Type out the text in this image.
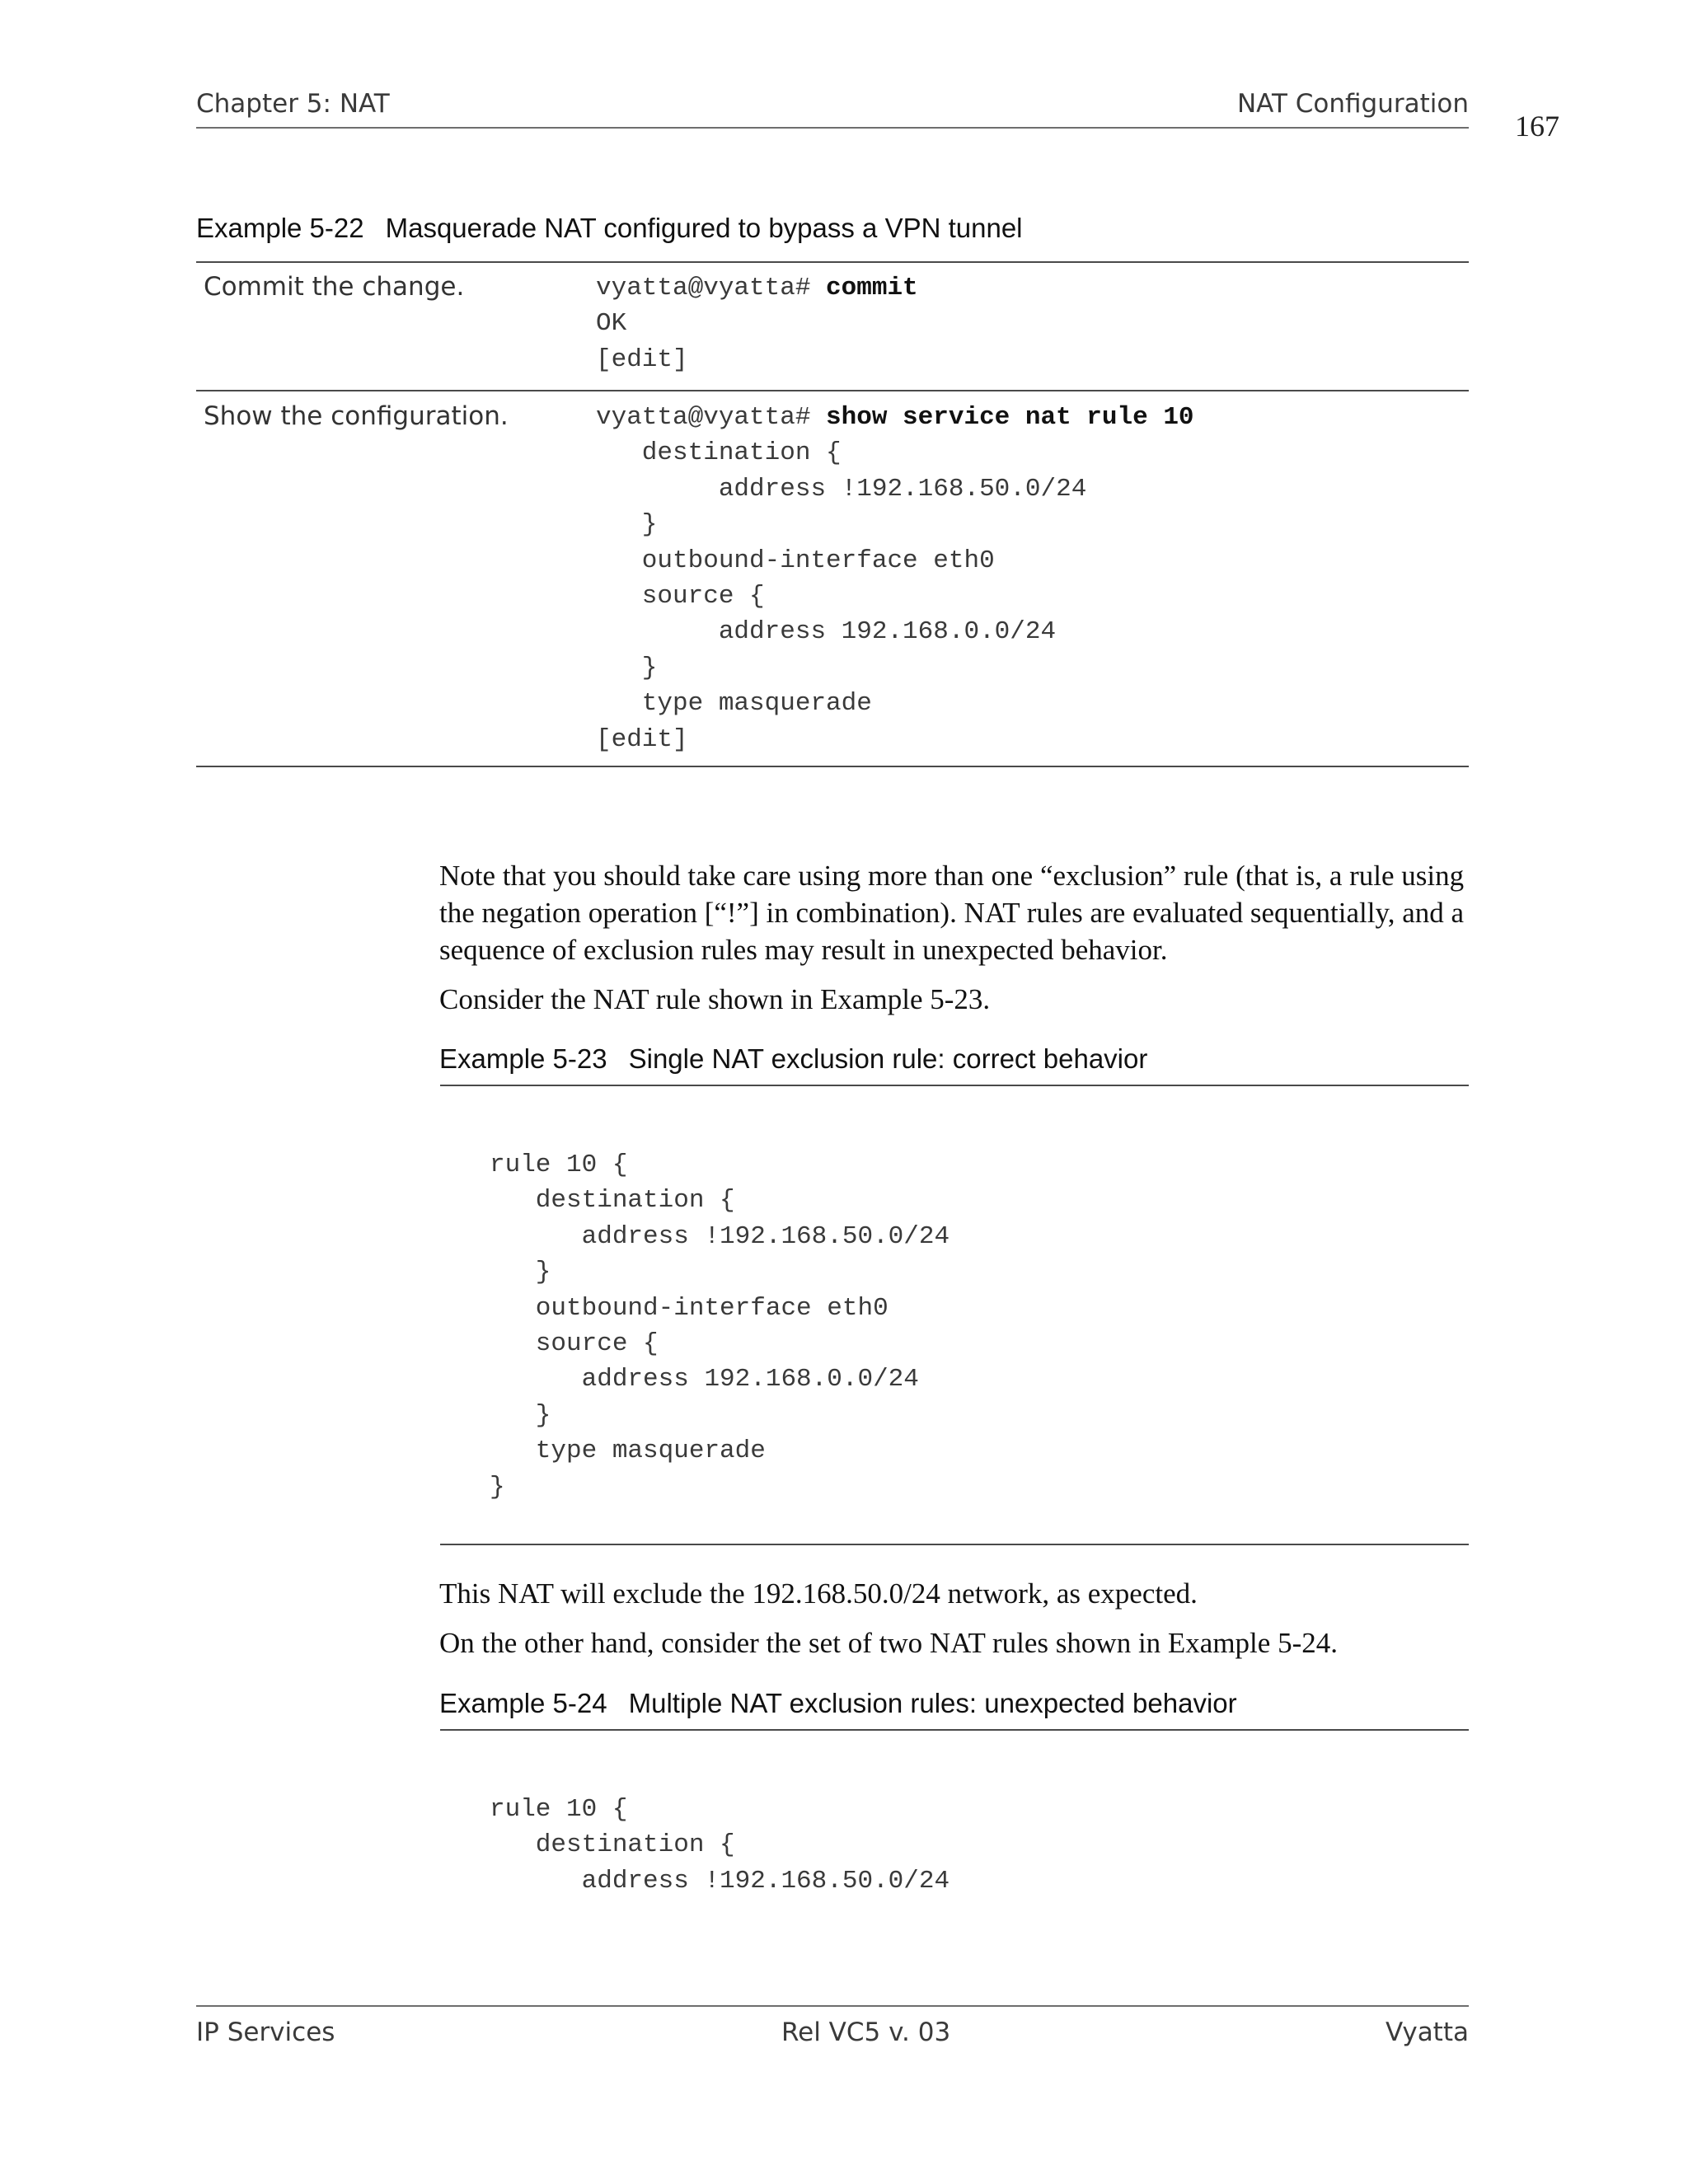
Chapter 5: NAT	NAT Configuration
167
Example 5-22 Masquerade NAT configured to bypass a VPN tunnel
Commit the change.	vyatta@vyatta# commit
OK
[edit]
Show the configuration.	vyatta@vyatta# show service nat rule 10
destination {
address !192.168.50.0/24
}
outbound-interface eth0
source {
address 192.168.0.0/24
}
type masquerade
[edit]

Note that you should take care using more than one “exclusion” rule (that is, a rule using the negation operation [“!”] in combination). NAT rules are evaluated sequentially, and a sequence of exclusion rules may result in unexpected behavior.

Consider the NAT rule shown in Example 5-23.

Example 5-23 Single NAT exclusion rule: correct behavior
rule 10 {
destination {
address !192.168.50.0/24
}
outbound-interface eth0
source {
address 192.168.0.0/24
}
type masquerade
}

This NAT will exclude the 192.168.50.0/24 network, as expected.

On the other hand, consider the set of two NAT rules shown in Example 5-24.

Example 5-24 Multiple NAT exclusion rules: unexpected behavior
rule 10 {
destination {
address !192.168.50.0/24
IP Services	Rel VC5 v. 03	Vyatta
